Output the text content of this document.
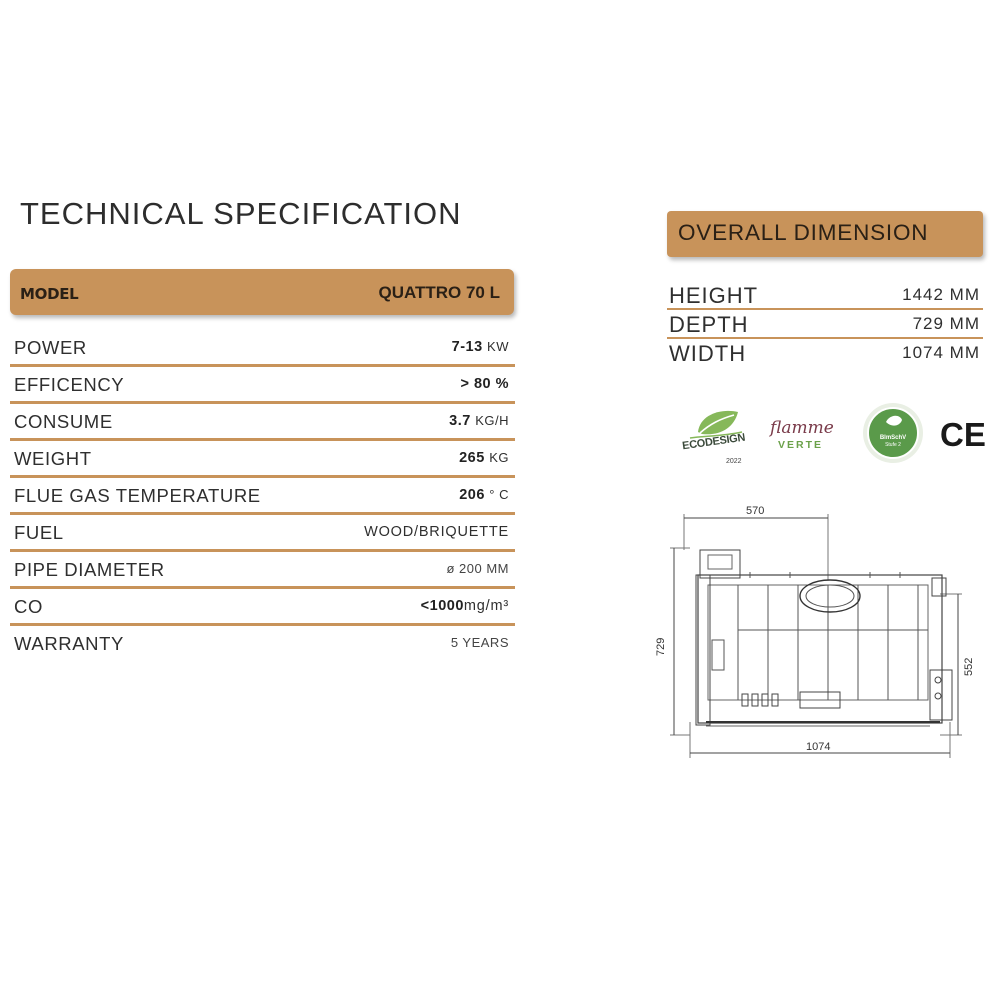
TECHNICAL SPECIFICATION
MODEL	QUATTRO 70 L
POWER	7-13 KW
EFFICENCY	> 80 %
CONSUME	3.7 KG/H
WEIGHT	265 KG
FLUE GAS TEMPERATURE	206 ° C
FUEL	WOOD/BRIQUETTE
PIPE DIAMETER	ø 200 MM
CO	<1000mg/m³
WARRANTY	5 YEARS
OVERALL DIMENSION
HEIGHT	1442 MM
DEPTH	729 MM
WIDTH	1074 MM
ECODESIGN
2022
flamme
VERTE
BImSchV
Stufe 2 CE
570
729
552
1074
